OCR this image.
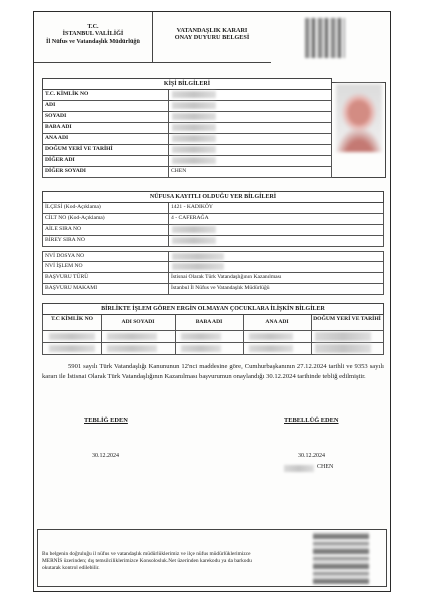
T.C.
İSTANBUL VALİLİĞİ
İl Nüfus ve Vatandaşlık Müdürlüğü
VATANDAŞLIK KARARI
ONAY DUYURU BELGESİ
KİŞİ BİLGİLERİ
T.C. KİMLİK NO
ADI
SOYADI
BABA ADI
ANA ADI
DOĞUM YERİ VE TARİHİ
DİĞER ADI
DİĞER SOYADI	CHEN
NÜFUSA KAYITLI OLDUĞU YER BİLGİLERİ
İLÇESİ (Kod-Açıklama)	1421 - KADIKÖY
CİLT NO (Kod-Açıklama)	4 - CAFERAĞA
AİLE SIRA NO
BİREY SIRA NO
NVİ DOSYA NO
NVİ İŞLEM NO
BAŞVURU TÜRÜ	İstisnai Olarak Türk Vatandaşlığının Kazanılması
BAŞVURU MAKAMI	İstanbul İl Nüfus ve Vatandaşlık Müdürlüğü
BİRLİKTE İŞLEM GÖREN ERGİN OLMAYAN ÇOCUKLARA İLİŞKİN BİLGİLER
T.C KİMLİK NO	ADI SOYADI	BABA ADI	ANA ADI	DOĞUM YERİ VE TARİHİ
5901 sayılı Türk Vatandaşlığı Kanununun 12'nci maddesine göre, Cumhurbaşkanının 27.12.2024 tarihli ve 9353 sayılı kararı ile İstisnai Olarak Türk Vatandaşlığının Kazanılması başvurumun onaylandığı 30.12.2024 tarihinde tebliğ edilmiştir.
TEBLİĞ EDEN
30.12.2024
TEBELLÜĞ EDEN
30.12.2024
CHEN
Bu belgenin doğruluğu il nüfus ve vatandaşlık müdürlüklerimiz ve ilçe nüfus müdürlüklerimizce MERNİS üzerinden; dış temsilciliklerimizce Konsolosluk.Net üzerinden karekodu ya da barkodu okutarak kontrol edilebilir.
